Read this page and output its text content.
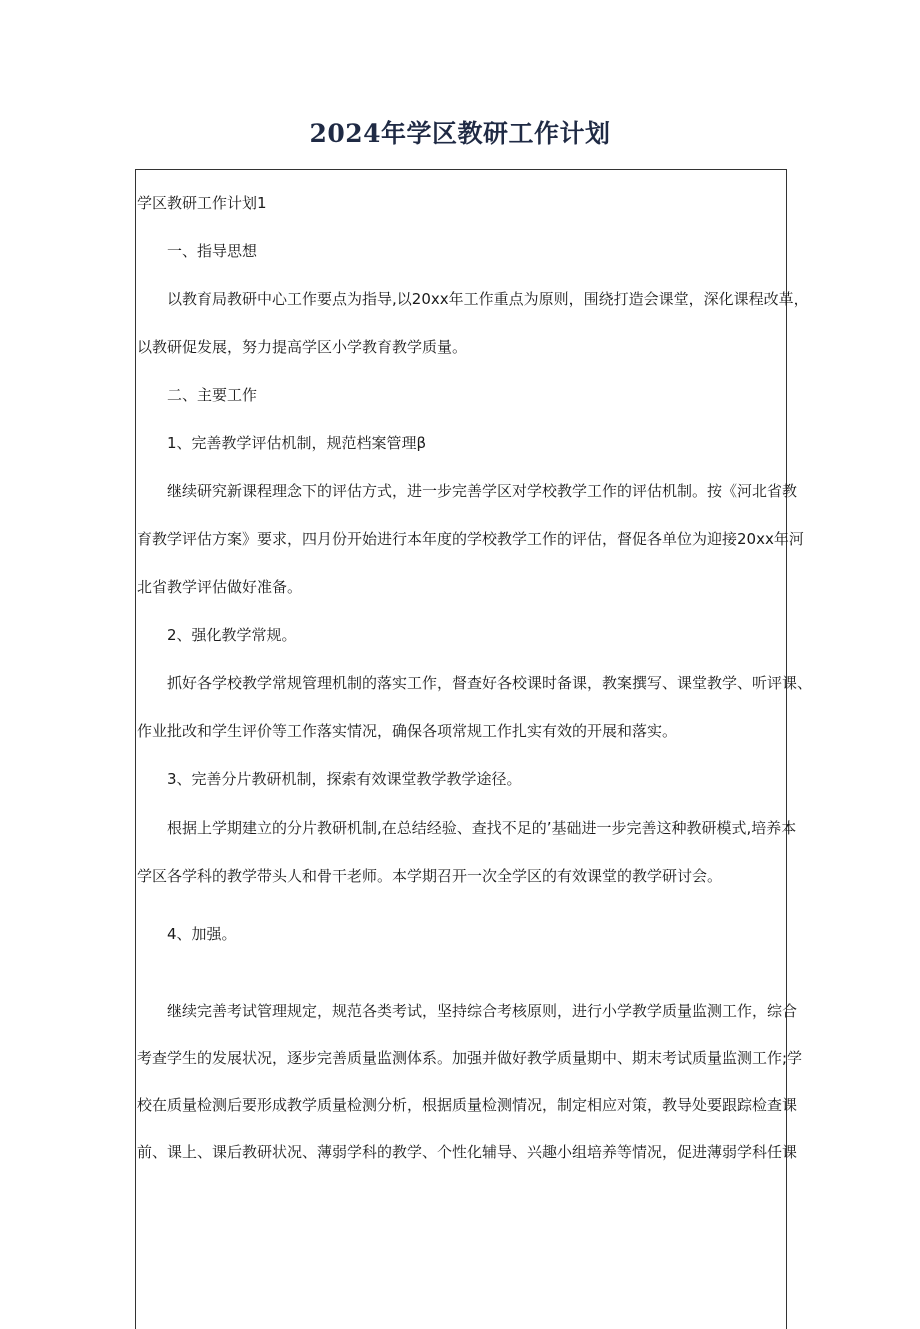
2024年学区教研工作计划

学区教研工作计划1

一、指导思想

以教育局教研中心工作要点为指导,以20xx年工作重点为原则，围绕打造会课堂，深化课程改革，

以教研促发展，努力提高学区小学教育教学质量。

二、主要工作

1、完善教学评估机制，规范档案管理β

继续研究新课程理念下的评估方式，进一步完善学区对学校教学工作的评估机制。按《河北省教

育教学评估方案》要求，四月份开始进行本年度的学校教学工作的评估，督促各单位为迎接20xx年河

北省教学评估做好准备。

2、强化教学常规。

抓好各学校教学常规管理机制的落实工作，督查好各校课时备课，教案撰写、课堂教学、听评课、

作业批改和学生评价等工作落实情况，确保各项常规工作扎实有效的开展和落实。

3、完善分片教研机制，探索有效课堂教学教学途径。

根据上学期建立的分片教研机制,在总结经验、查找不足的’基础进一步完善这种教研模式,培养本

学区各学科的教学带头人和骨干老师。本学期召开一次全学区的有效课堂的教学研讨会。

4、加强。

继续完善考试管理规定，规范各类考试，坚持综合考核原则，进行小学教学质量监测工作，综合

考查学生的发展状况，逐步完善质量监测体系。加强并做好教学质量期中、期末考试质量监测工作;学

校在质量检测后要形成教学质量检测分析，根据质量检测情况，制定相应对策，教导处要跟踪检查课

前、课上、课后教研状况、薄弱学科的教学、个性化辅导、兴趣小组培养等情况，促进薄弱学科任课
